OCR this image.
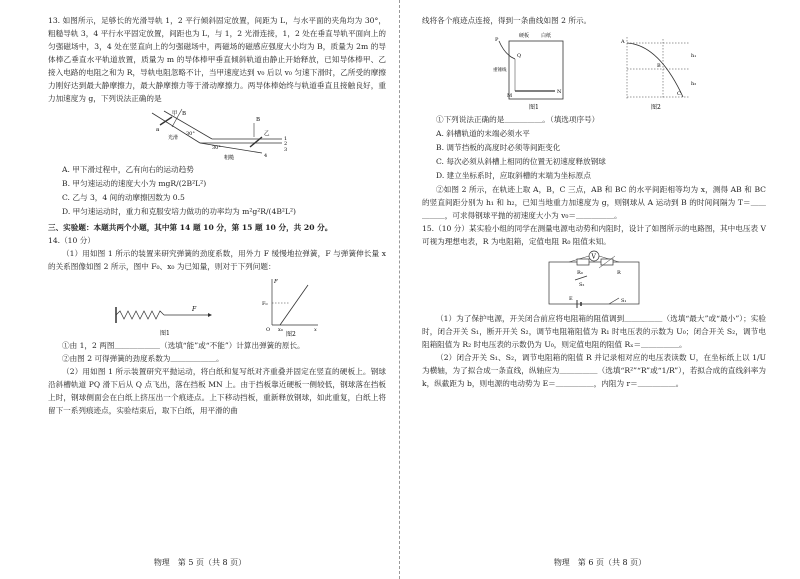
13. 如图所示，足够长的光滑导轨 1，2 平行倾斜固定放置，间距为 L，与水平面的夹角均为 30°，粗糙导轨 3，4 平行水平固定放置，间距也为 L，与 1，2 光滑连接，1，2 处在垂直导轨平面向上的匀强磁场中，3，4 处在竖直向上的匀强磁场中，两磁场的磁感应强度大小均为 B，质量为 2m 的导体棒乙垂直水平轨道放置，质量为 m 的导体棒甲垂直倾斜轨道由静止开始释放，已知导体棒甲、乙接入电路的电阻之和为 R，导轨电阻忽略不计，当甲速度达到 v₀ 后以 v₀ 匀速下滑时，乙所受的摩擦力刚好达到最大静摩擦力，最大静摩擦力等于滑动摩擦力。两导体棒始终与轨道垂直且接触良好，重力加速度为 g，下列说法正确的是

a
B
30°
光滑
30°
B
甲
乙
1
2
3
4
粗糙

A. 甲下滑过程中，乙有向右的运动趋势

B. 甲匀速运动的速度大小为 mgR/(2B²L²)

C. 乙与 3，4 间的动摩擦因数为 0.5

D. 甲匀速运动时，重力和克服安培力做功的功率均为 m²g²R/(4B²L²)

三、实验题：本题共两个小题，其中第 14 题 10 分，第 15 题 10 分，共 20 分。

14.（10 分）

（1）用如图 1 所示的装置来研究弹簧的劲度系数，用外力 F 缓慢地拉弹簧，F 与弹簧伸长量 x 的关系图像如图 2 所示，图中 F₀、x₀ 为已知量，则对于下列问题：

F
图1
F
F₀
x₀
O	x
图2

①由 1，2 两图＿＿＿＿＿＿（选填“能”或“不能”）计算出弹簧的原长。

②由图 2 可得弹簧的劲度系数为＿＿＿＿＿＿。

（2）用如图 1 所示装置研究平抛运动，将白纸和复写纸对齐重叠并固定在竖直的硬板上。钢球沿斜槽轨道 PQ 滑下后从 Q 点飞出，落在挡板 MN 上。由于挡板靠近硬板一侧较低，钢球落在挡板上时，钢球侧面会在白纸上挤压出一个痕迹点。上下移动挡板，重新释放钢球，如此重复，白纸上将留下一系列痕迹点，实验结束后，取下白纸，用平滑的曲

物理　第 5 页（共 8 页）

线将各个痕迹点连接，得到一条曲线如图 2 所示。

硬板 白纸
P
Q
重锤线
M
N
图1
A
B
C
h₁
h₂
图2

①下列说法正确的是＿＿＿＿＿。（填选项序号）

A. 斜槽轨道的末端必须水平

B. 调节挡板的高度时必须等间距变化

C. 每次必须从斜槽上相同的位置无初速度释放钢球

D. 建立坐标系时，应取斜槽的末端为坐标原点

②如图 2 所示，在轨迹上取 A，B，C 三点，AB 和 BC 的水平间距相等均为 x，测得 AB 和 BC 的竖直间距分别为 h₁ 和 h₂，已知当地重力加速度为 g，则钢球从 A 运动到 B 的时间间隔为 T＝＿＿＿＿＿，可求得钢球平抛的初速度大小为 v₀＝＿＿＿＿＿。

15.（10 分）某实验小组的同学在测量电源电动势和内阻时，设计了如图所示的电路图，其中电压表 V 可视为理想电表，R 为电阻箱，定值电阻 R₀ 阻值未知。

V
R₀	R
S₂
S₁
E

（1）为了保护电源，开关闭合前应将电阻箱的阻值调到＿＿＿＿＿（选填“最大”或“最小”）；实验时，闭合开关 S₁，断开开关 S₂，调节电阻箱阻值为 R₁ 时电压表的示数为 U₀；闭合开关 S₂，调节电阻箱阻值为 R₂ 时电压表的示数仍为 U₀，则定值电阻的阻值 Rₓ＝＿＿＿＿＿。

（2）闭合开关 S₁、S₂，调节电阻箱的阻值 R 并记录相对应的电压表读数 U，在坐标纸上以 1/U 为横轴，为了拟合成一条直线，纵轴应为＿＿＿＿＿（选填“R²”“R”或“1/R”），若拟合成的直线斜率为 k，纵截距为 b，则电源的电动势为 E＝＿＿＿＿＿，内阻为 r＝＿＿＿＿＿。

物理　第 6 页（共 8 页）
